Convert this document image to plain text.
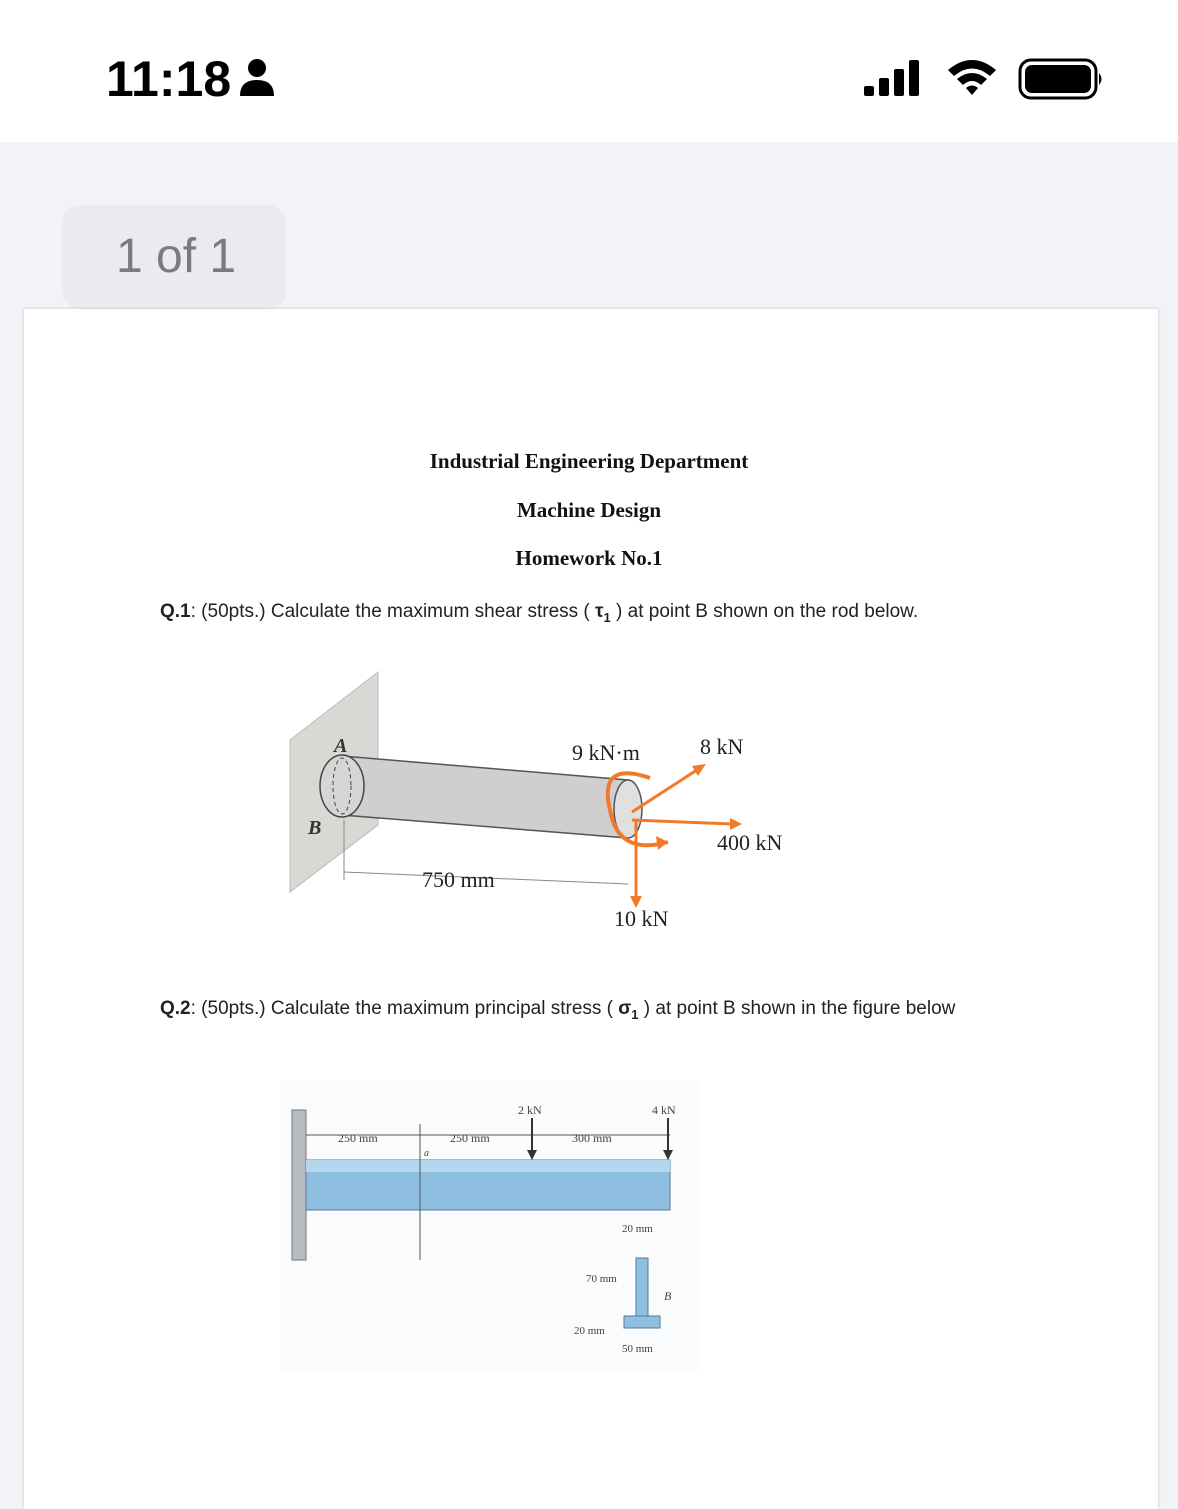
11:18
1 of 1
Industrial Engineering Department
Machine Design
Homework No.1
Q.1: (50pts.) Calculate the maximum shear stress ( $\tau_1$ ) at point B shown on the rod below.
A
B
750 mm
9 kN·m	8 kN
400 kN
10 kN
Q.2: (50pts.) Calculate the maximum principal stress ( $\sigma_1$ ) at point B shown in the figure below
250 mm	250 mm	300 mm
2 kN	4 kN
a
20 mm
70 mm
20 mm
50 mm
B
